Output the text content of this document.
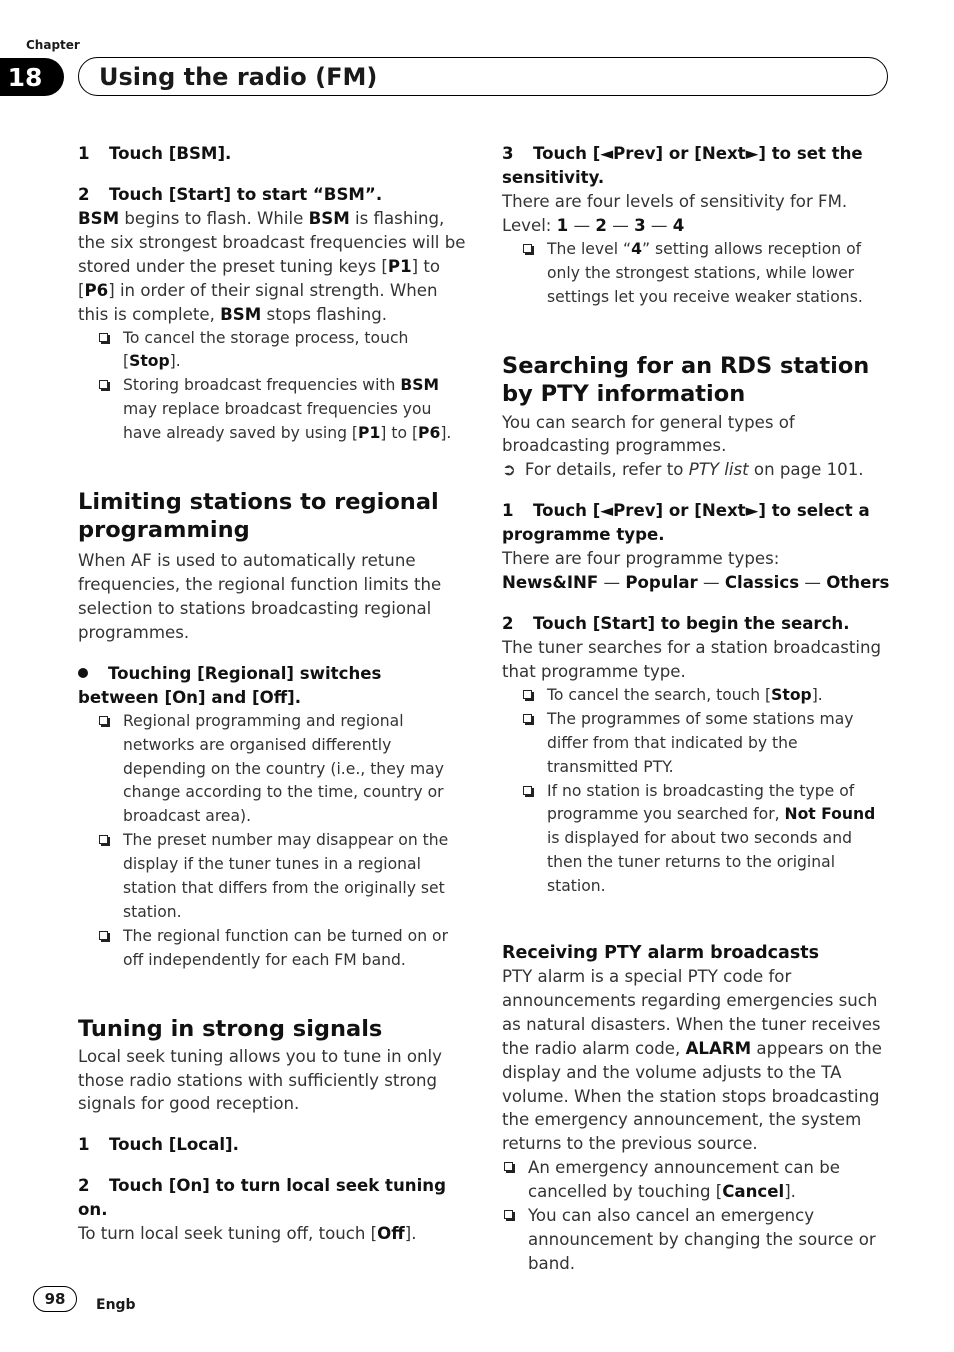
Chapter
18	Using the radio (FM)

1 Touch [BSM].

2 Touch [Start] to start “BSM”.

BSM begins to flash. While BSM is flashing, the six strongest broadcast frequencies will be stored under the preset tuning keys [P1] to [P6] in order of their signal strength. When this is complete, BSM stops flashing.

To cancel the storage process, touch [Stop].
Storing broadcast frequencies with BSM may replace broadcast frequencies you have already saved by using [P1] to [P6].

Limiting stations to regional programming

When AF is used to automatically retune frequencies, the regional function limits the selection to stations broadcasting regional programmes.

Touching [Regional] switches between [On] and [Off].

Regional programming and regional networks are organised differently depending on the country (i.e., they may change according to the time, country or broadcast area).
The preset number may disappear on the display if the tuner tunes in a regional station that differs from the originally set station.
The regional function can be turned on or off independently for each FM band.

Tuning in strong signals

Local seek tuning allows you to tune in only those radio stations with sufficiently strong signals for good reception.

1 Touch [Local].

2 Touch [On] to turn local seek tuning on.

To turn local seek tuning off, touch [Off].

3 Touch [◄Prev] or [Next►] to set the sensitivity.

There are four levels of sensitivity for FM.

Level: 1 — 2 — 3 — 4

The level “4” setting allows reception of only the strongest stations, while lower settings let you receive weaker stations.

Searching for an RDS station by PTY information

You can search for general types of broadcasting programmes.

➲ For details, refer to PTY list on page 101.

1 Touch [◄Prev] or [Next►] to select a programme type.

There are four programme types:

News&INF — Popular — Classics — Others

2 Touch [Start] to begin the search.

The tuner searches for a station broadcasting that programme type.

To cancel the search, touch [Stop].
The programmes of some stations may differ from that indicated by the transmitted PTY.
If no station is broadcasting the type of programme you searched for, Not Found is displayed for about two seconds and then the tuner returns to the original station.

Receiving PTY alarm broadcasts

PTY alarm is a special PTY code for announcements regarding emergencies such as natural disasters. When the tuner receives the radio alarm code, ALARM appears on the display and the volume adjusts to the TA volume. When the station stops broadcasting the emergency announcement, the system returns to the previous source.

An emergency announcement can be cancelled by touching [Cancel].
You can also cancel an emergency announcement by changing the source or band.
98	Engb
